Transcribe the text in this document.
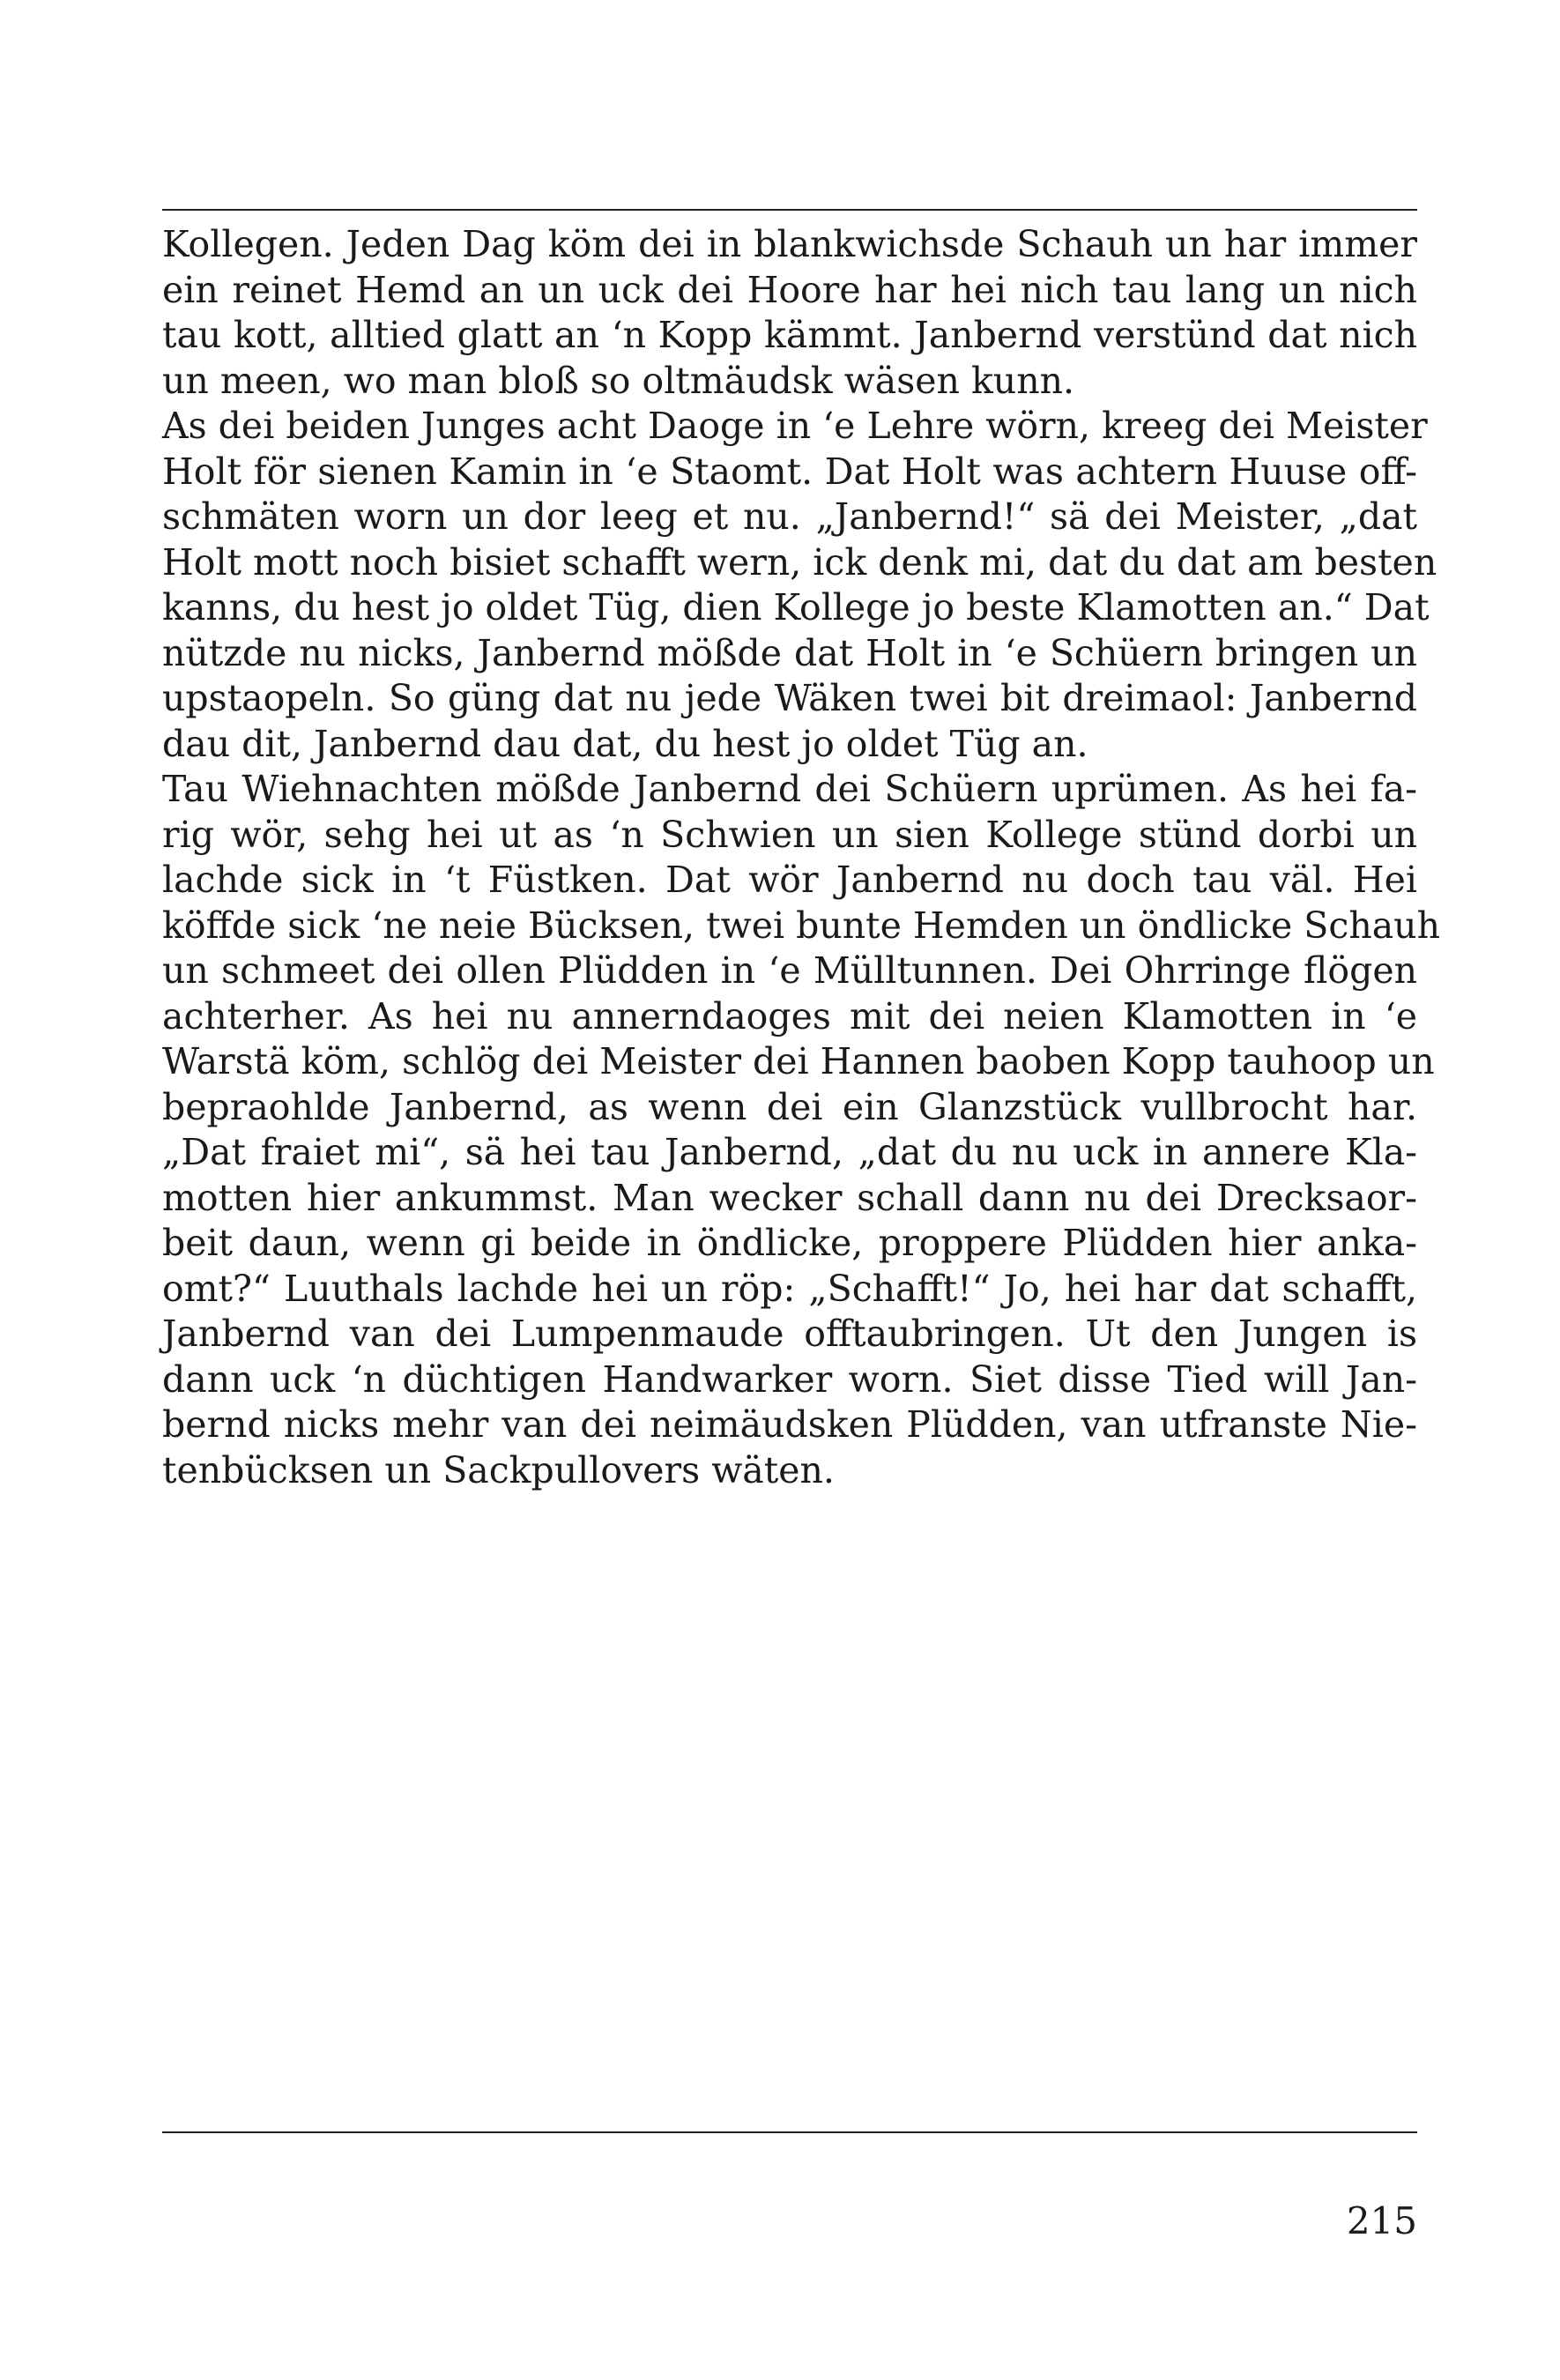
Kollegen. Jeden Dag köm dei in blankwichsde Schauh un har immer
ein reinet Hemd an un uck dei Hoore har hei nich tau lang un nich
tau kott, alltied glatt an ‘n Kopp kämmt. Janbernd verstünd dat nich
un meen, wo man bloß so oltmäudsk wäsen kunn.
As dei beiden Junges acht Daoge in ‘e Lehre wörn, kreeg dei Meister
Holt för sienen Kamin in ‘e Staomt. Dat Holt was achtern Huuse off-
schmäten worn un dor leeg et nu. „Janbernd!“ sä dei Meister, „dat
Holt mott noch bisiet schafft wern, ick denk mi, dat du dat am besten
kanns, du hest jo oldet Tüg, dien Kollege jo beste Klamotten an.“ Dat
nützde nu nicks, Janbernd mößde dat Holt in ‘e Schüern bringen un
upstaopeln. So güng dat nu jede Wäken twei bit dreimaol: Janbernd
dau dit, Janbernd dau dat, du hest jo oldet Tüg an.
Tau Wiehnachten mößde Janbernd dei Schüern uprümen. As hei fa-
rig wör, sehg hei ut as ‘n Schwien un sien Kollege stünd dorbi un
lachde sick in ‘t Füstken. Dat wör Janbernd nu doch tau väl. Hei
köffde sick ‘ne neie Bücksen, twei bunte Hemden un öndlicke Schauh
un schmeet dei ollen Plüdden in ‘e Mülltunnen. Dei Ohrringe flögen
achterher. As hei nu annerndaoges mit dei neien Klamotten in ‘e
Warstä köm, schlög dei Meister dei Hannen baoben Kopp tauhoop un
bepraohlde Janbernd, as wenn dei ein Glanzstück vullbrocht har.
„Dat fraiet mi“, sä hei tau Janbernd, „dat du nu uck in annere Kla-
motten hier ankummst. Man wecker schall dann nu dei Drecksaor-
beit daun, wenn gi beide in öndlicke, proppere Plüdden hier anka-
omt?“ Luuthals lachde hei un röp: „Schafft!“ Jo, hei har dat schafft,
Janbernd van dei Lumpenmaude offtaubringen. Ut den Jungen is
dann uck ‘n düchtigen Handwarker worn. Siet disse Tied will Jan-
bernd nicks mehr van dei neimäudsken Plüdden, van utfranste Nie-
tenbücksen un Sackpullovers wäten.
215
